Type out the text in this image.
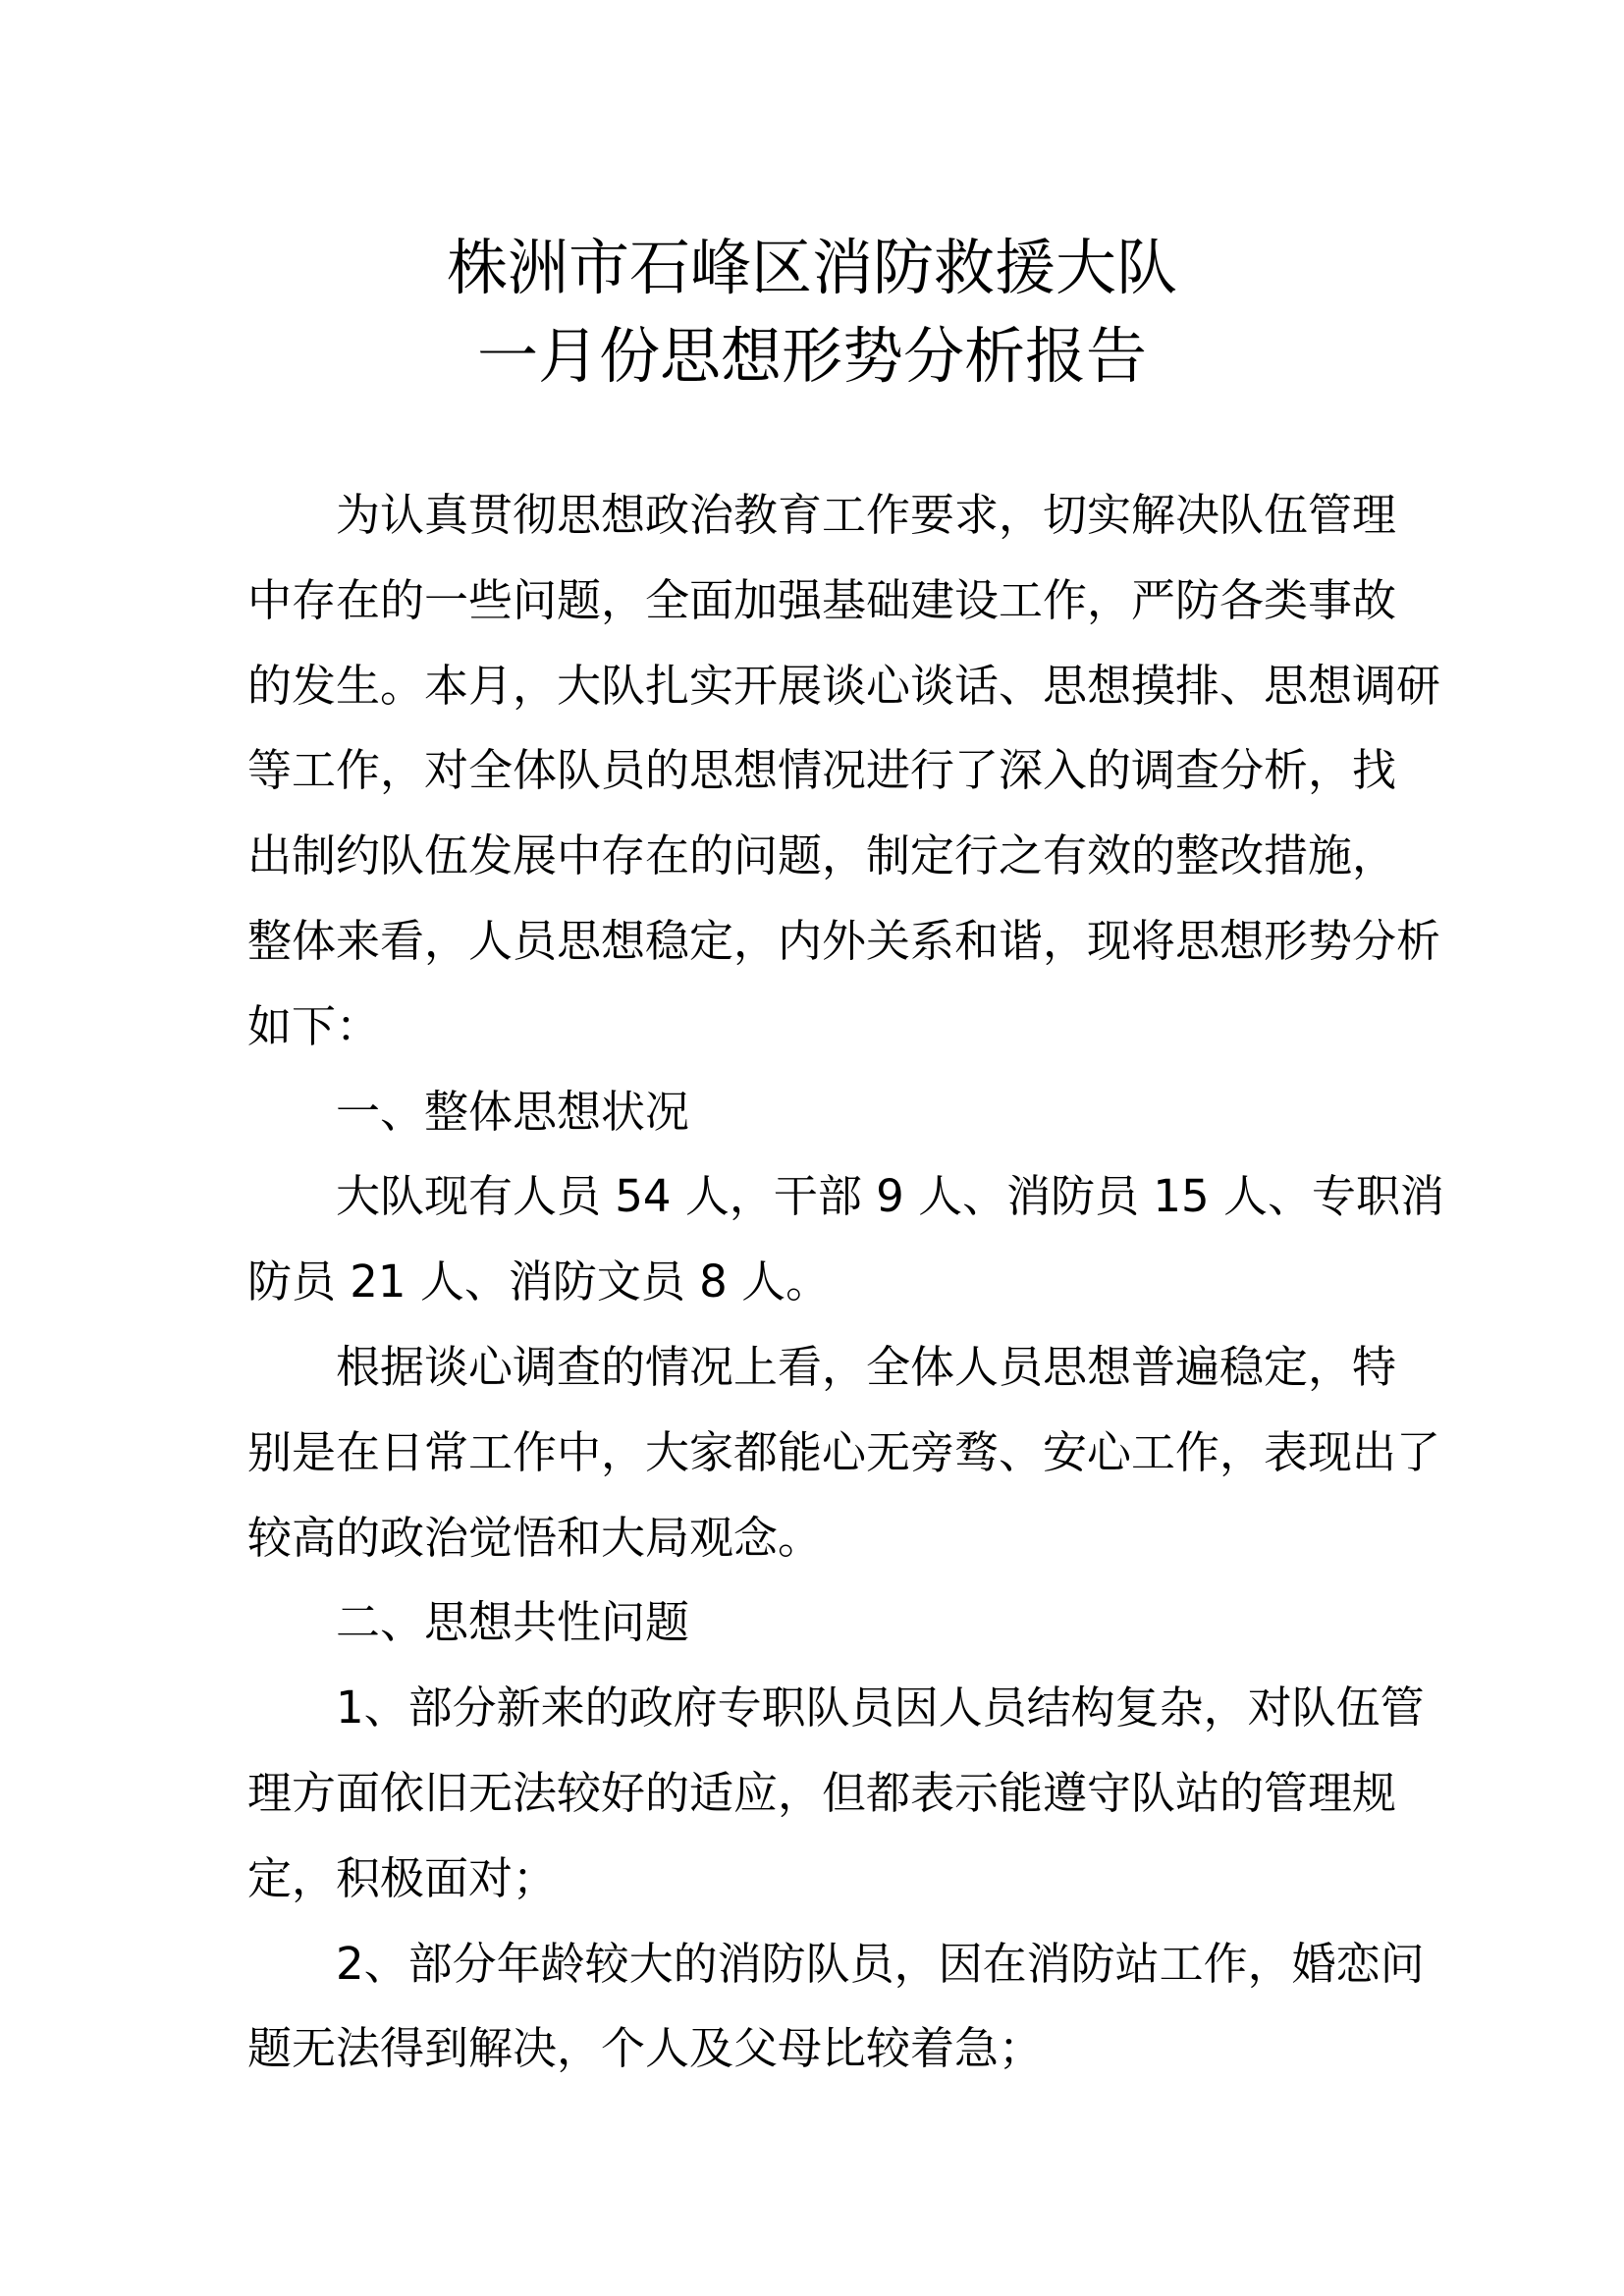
株洲市石峰区消防救援大队
一月份思想形势分析报告
为认真贯彻思想政治教育工作要求，切实解决队伍管理
中存在的一些问题，全面加强基础建设工作，严防各类事故
的发生。本月，大队扎实开展谈心谈话、思想摸排、思想调研
等工作，对全体队员的思想情况进行了深入的调查分析，找
出制约队伍发展中存在的问题，制定行之有效的整改措施，
整体来看，人员思想稳定，内外关系和谐，现将思想形势分析
如下：
一、整体思想状况
大队现有人员 54 人，干部 9 人、消防员 15 人、专职消
防员 21 人、消防文员 8 人。
根据谈心调查的情况上看，全体人员思想普遍稳定，特
别是在日常工作中，大家都能心无旁骛、安心工作，表现出了
较高的政治觉悟和大局观念。
二、思想共性问题
1、部分新来的政府专职队员因人员结构复杂，对队伍管
理方面依旧无法较好的适应，但都表示能遵守队站的管理规
定，积极面对；
2、部分年龄较大的消防队员，因在消防站工作，婚恋问
题无法得到解决，个人及父母比较着急；
